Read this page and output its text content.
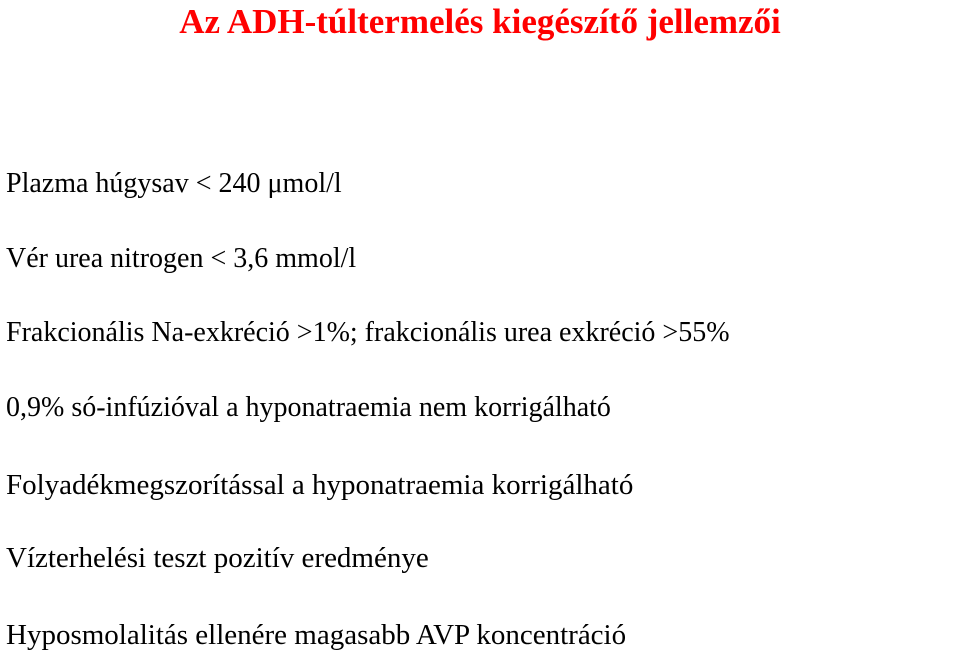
Az ADH-túltermelés kiegészítő jellemzői
Plazma húgysav < 240 μmol/l
Vér urea nitrogen < 3,6 mmol/l
Frakcionális Na-exkréció >1%; frakcionális urea exkréció >55%
0,9% só-infúzióval a hyponatraemia nem korrigálható
Folyadékmegszorítással a hyponatraemia korrigálható
Vízterhelési teszt pozitív eredménye
Hyposmolalitás ellenére magasabb AVP koncentráció
